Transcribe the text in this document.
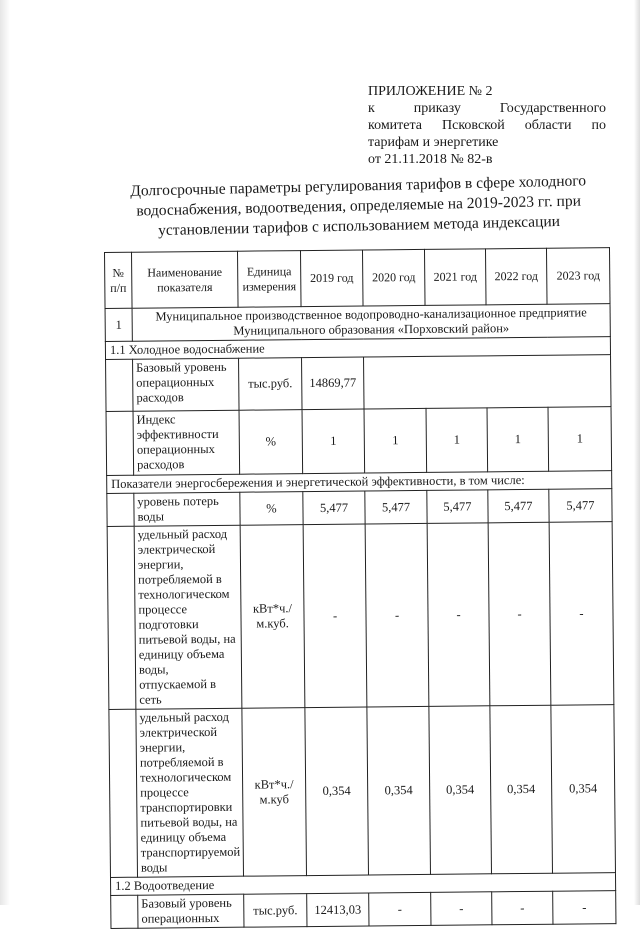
ПРИЛОЖЕНИЕ № 2
к приказу Государственного
комитета Псковской области по
тарифам и энергетике
от 21.11.2018 № 82-в
Долгосрочные параметры регулирования тарифов в сфере холодного
водоснабжения, водоотведения, определяемые на 2019-2023 гг. при
установлении тарифов с использованием метода индексации
№ п/п	Наименование показателя	Единица измерения	2019 год	2020 год	2021 год	2022 год	2023 год
1	Муниципальное производственное водопроводно-канализационное предприятие Муниципального образования «Порховский район»						
1.1 Холодное водоснабжение							
	Базовый уровень операционных расходов	тыс.руб.	14869,77				
	Индекс эффективности операционных расходов	%	1	1	1	1	1
Показатели энергосбережения и энергетической эффективности, в том числе:							
	уровень потерь воды	%	5,477	5,477	5,477	5,477	5,477
	удельный расход электрической энергии, потребляемой в технологическом процессе подготовки питьевой воды, на единицу объема воды, отпускаемой в сеть	кВт*ч./м.куб.	-	-	-	-	-
	удельный расход электрической энергии, потребляемой в технологическом процессе транспортировки питьевой воды, на единицу объема транспортируемой воды	кВт*ч./м.куб	0,354	0,354	0,354	0,354	0,354
1.2 Водоотведение							
	Базовый уровень операционных	тыс.руб.	12413,03	-	-	-	-
